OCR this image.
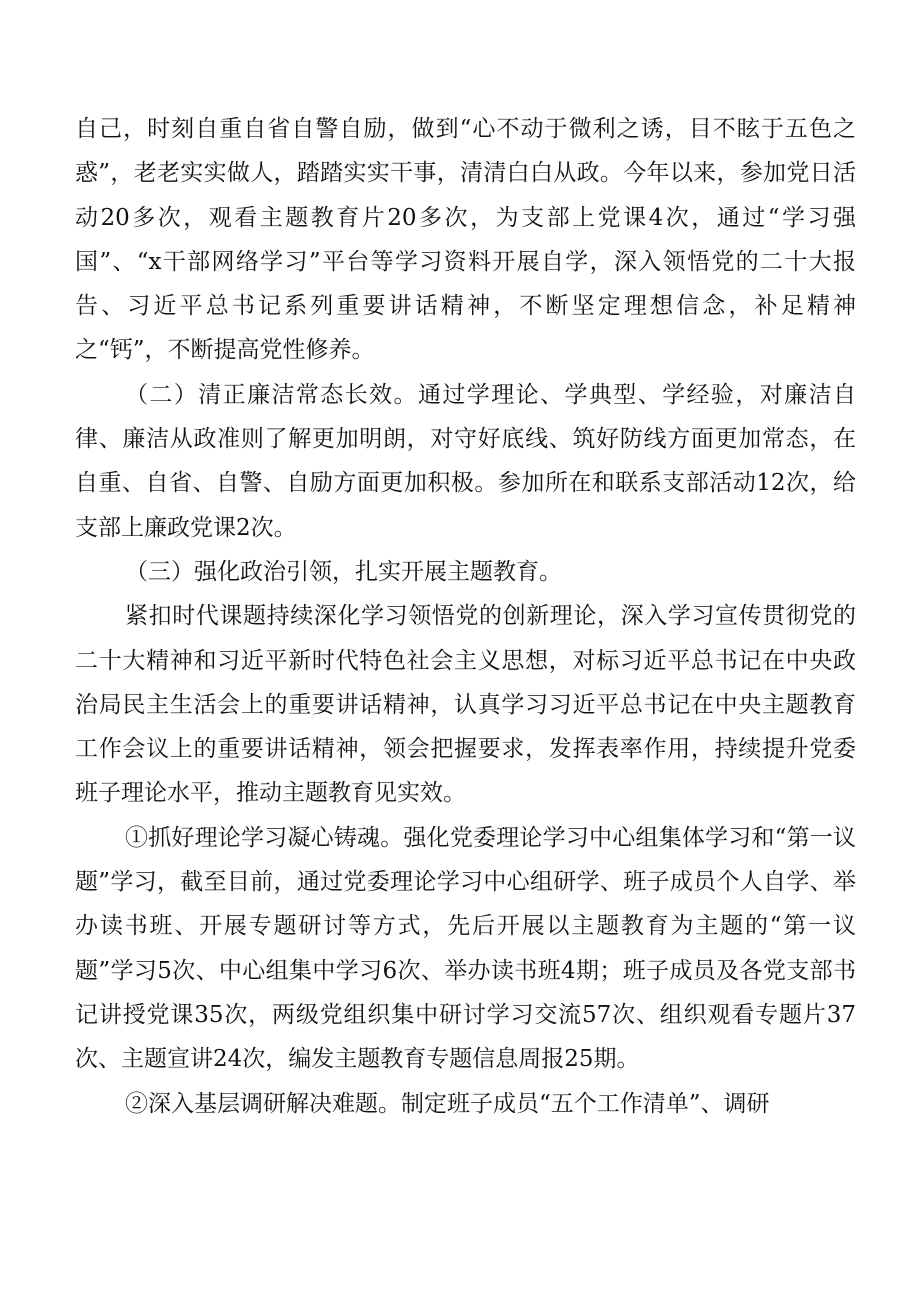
自己，时刻自重自省自警自励，做到“心不动于微利之诱，目不眩于五色之惑”，老老实实做人，踏踏实实干事，清清白白从政。今年以来，参加党日活动20多次，观看主题教育片20多次，为支部上党课4次，通过“学习强国”、“x干部网络学习”平台等学习资料开展自学，深入领悟党的二十大报告、习近平总书记系列重要讲话精神，不断坚定理想信念，补足精神之“钙”，不断提高党性修养。

（二）清正廉洁常态长效。通过学理论、学典型、学经验，对廉洁自律、廉洁从政准则了解更加明朗，对守好底线、筑好防线方面更加常态，在自重、自省、自警、自励方面更加积极。参加所在和联系支部活动12次，给支部上廉政党课2次。

（三）强化政治引领，扎实开展主题教育。

紧扣时代课题持续深化学习领悟党的创新理论，深入学习宣传贯彻党的二十大精神和习近平新时代特色社会主义思想，对标习近平总书记在中央政治局民主生活会上的重要讲话精神，认真学习习近平总书记在中央主题教育工作会议上的重要讲话精神，领会把握要求，发挥表率作用，持续提升党委班子理论水平，推动主题教育见实效。

①抓好理论学习凝心铸魂。强化党委理论学习中心组集体学习和“第一议题”学习，截至目前，通过党委理论学习中心组研学、班子成员个人自学、举办读书班、开展专题研讨等方式，先后开展以主题教育为主题的“第一议题”学习5次、中心组集中学习6次、举办读书班4期；班子成员及各党支部书记讲授党课35次，两级党组织集中研讨学习交流57次、组织观看专题片37次、主题宣讲24次，编发主题教育专题信息周报25期。

②深入基层调研解决难题。制定班子成员“五个工作清单”、调研
